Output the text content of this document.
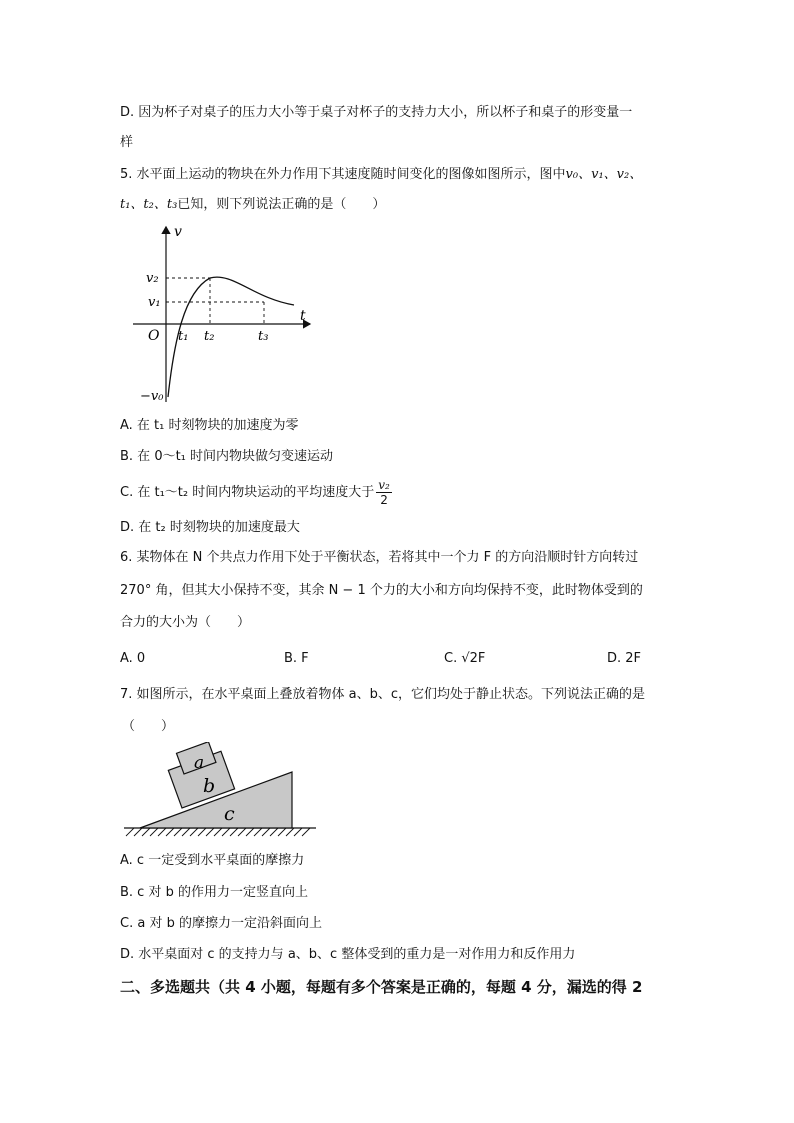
D. 因为杯子对桌子的压力大小等于桌子对杯子的支持力大小，所以杯子和桌子的形变量一
样
5. 水平面上运动的物块在外力作用下其速度随时间变化的图像如图所示，图中v₀、v₁、v₂、
t₁、t₂、t₃已知，则下列说法正确的是（　　）
v
t
O
v₂
v₁
−v₀
t₁ t₂	t₃
A. 在 t₁ 时刻物块的加速度为零
B. 在 0～t₁ 时间内物块做匀变速运动
C. 在 t₁～t₂ 时间内物块运动的平均速度大于 $\frac{\text{v₂}}{2}$
D. 在 t₂ 时刻物块的加速度最大
6. 某物体在 N 个共点力作用下处于平衡状态，若将其中一个力 F 的方向沿顺时针方向转过
270° 角，但其大小保持不变，其余 N − 1 个力的大小和方向均保持不变，此时物体受到的
合力的大小为（　　）
A. 0	B. F	C. √2F	D. 2F
7. 如图所示，在水平桌面上叠放着物体 a、b、c，它们均处于静止状态。下列说法正确的是
（　　）
a
b
c
A. c 一定受到水平桌面的摩擦力
B. c 对 b 的作用力一定竖直向上
C. a 对 b 的摩擦力一定沿斜面向上
D. 水平桌面对 c 的支持力与 a、b、c 整体受到的重力是一对作用力和反作用力
二、多选题共（共 4 小题，每题有多个答案是正确的，每题 4 分，漏选的得 2
